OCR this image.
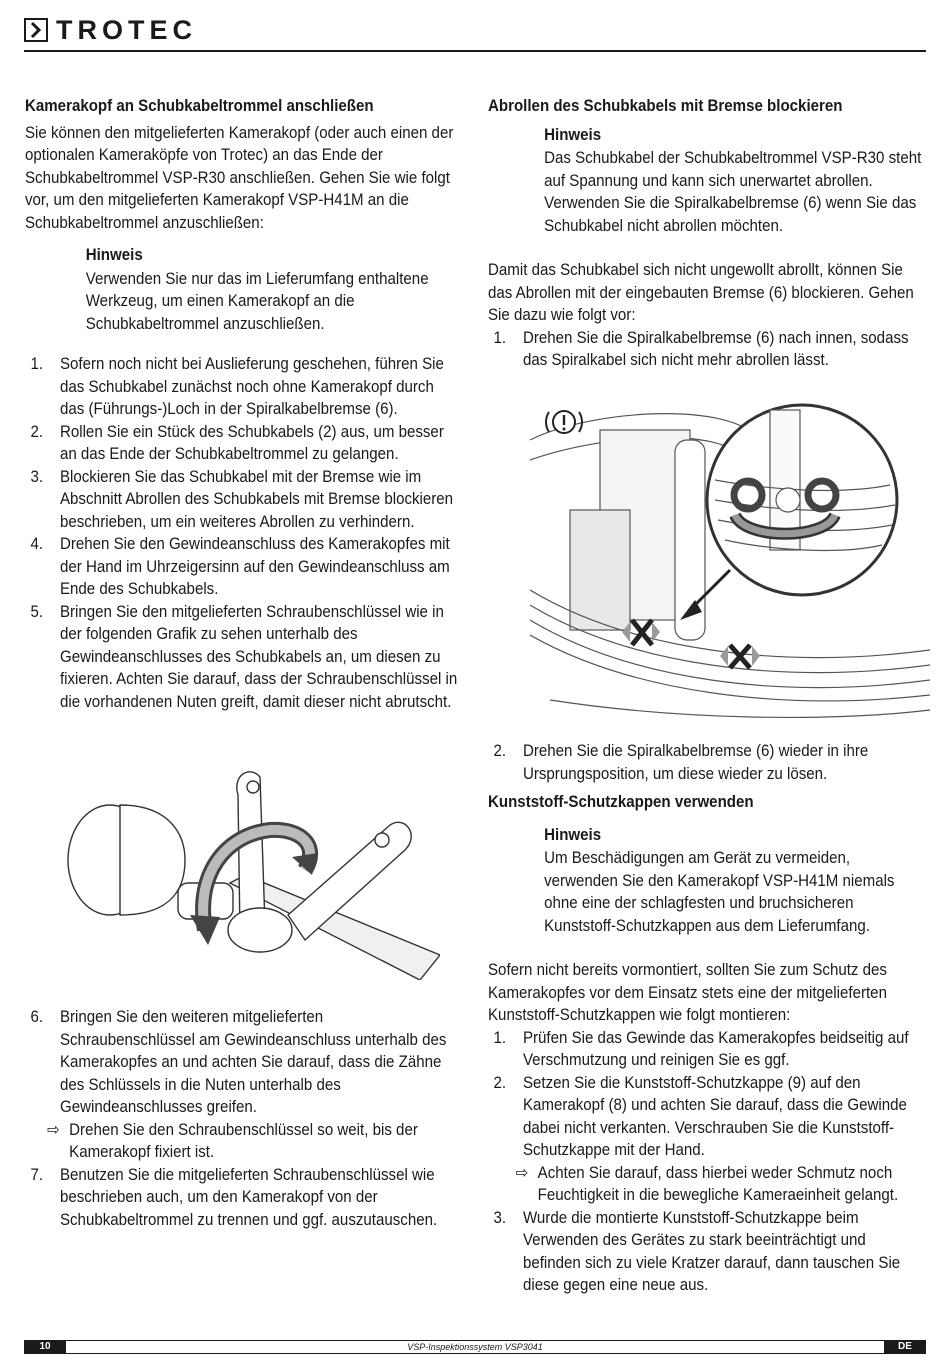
TROTEC
Kamerakopf an Schubkabeltrommel anschließen

Sie können den mitgelieferten Kamerakopf (oder auch einen der optionalen Kameraköpfe von Trotec) an das Ende der Schubkabeltrommel VSP-R30 anschließen. Gehen Sie wie folgt vor, um den mitgelieferten Kamerakopf VSP-H41M an die Schubkabeltrommel anzuschließen:

Hinweis
Verwenden Sie nur das im Lieferumfang enthaltene Werkzeug, um einen Kamerakopf an die Schubkabeltrommel anzuschließen.
1. Sofern noch nicht bei Auslieferung geschehen, führen Sie das Schubkabel zunächst noch ohne Kamerakopf durch das (Führungs-)Loch in der Spiralkabelbremse (6).
2. Rollen Sie ein Stück des Schubkabels (2) aus, um besser an das Ende der Schubkabeltrommel zu gelangen.
3. Blockieren Sie das Schubkabel mit der Bremse wie im Abschnitt Abrollen des Schubkabels mit Bremse blockieren beschrieben, um ein weiteres Abrollen zu verhindern.
4. Drehen Sie den Gewindeanschluss des Kamerakopfes mit der Hand im Uhrzeigersinn auf den Gewindeanschluss am Ende des Schubkabels.
5. Bringen Sie den mitgelieferten Schraubenschlüssel wie in der folgenden Grafik zu sehen unterhalb des Gewindeanschlusses des Schubkabels an, um diesen zu fixieren. Achten Sie darauf, dass der Schraubenschlüssel in die vorhandenen Nuten greift, damit dieser nicht abrutscht.
6. Bringen Sie den weiteren mitgelieferten Schraubenschlüssel am Gewindeanschluss unterhalb des Kamerakopfes an und achten Sie darauf, dass die Zähne des Schlüssels in die Nuten unterhalb des Gewindeanschlusses greifen.
⇨ Drehen Sie den Schraubenschlüssel so weit, bis der Kamerakopf fixiert ist.
7. Benutzen Sie die mitgelieferten Schraubenschlüssel wie beschrieben auch, um den Kamerakopf von der Schubkabeltrommel zu trennen und ggf. auszutauschen.
Abrollen des Schubkabels mit Bremse blockieren
Hinweis
Das Schubkabel der Schubkabeltrommel VSP-R30 steht auf Spannung und kann sich unerwartet abrollen. Verwenden Sie die Spiralkabelbremse (6) wenn Sie das Schubkabel nicht abrollen möchten.

Damit das Schubkabel sich nicht ungewollt abrollt, können Sie das Abrollen mit der eingebauten Bremse (6) blockieren. Gehen Sie dazu wie folgt vor:

1. Drehen Sie die Spiralkabelbremse (6) nach innen, sodass das Spiralkabel sich nicht mehr abrollen lässt.
2. Drehen Sie die Spiralkabelbremse (6) wieder in ihre Ursprungsposition, um diese wieder zu lösen.
Kunststoff-Schutzkappen verwenden
Hinweis
Um Beschädigungen am Gerät zu vermeiden, verwenden Sie den Kamerakopf VSP-H41M niemals ohne eine der schlagfesten und bruchsicheren Kunststoff-Schutzkappen aus dem Lieferumfang.

Sofern nicht bereits vormontiert, sollten Sie zum Schutz des Kamerakopfes vor dem Einsatz stets eine der mitgelieferten Kunststoff-Schutzkappen wie folgt montieren:

1. Prüfen Sie das Gewinde das Kamerakopfes beidseitig auf Verschmutzung und reinigen Sie es ggf.
2. Setzen Sie die Kunststoff-Schutzkappe (9) auf den Kamerakopf (8) und achten Sie darauf, dass die Gewinde dabei nicht verkanten. Verschrauben Sie die Kunststoff-Schutzkappe mit der Hand.
⇨ Achten Sie darauf, dass hierbei weder Schmutz noch Feuchtigkeit in die bewegliche Kameraeinheit gelangt.
3. Wurde die montierte Kunststoff-Schutzkappe beim Verwenden des Gerätes zu stark beeinträchtigt und befinden sich zu viele Kratzer darauf, dann tauschen Sie diese gegen eine neue aus.
10	VSP-Inspektionssystem VSP3041	DE
